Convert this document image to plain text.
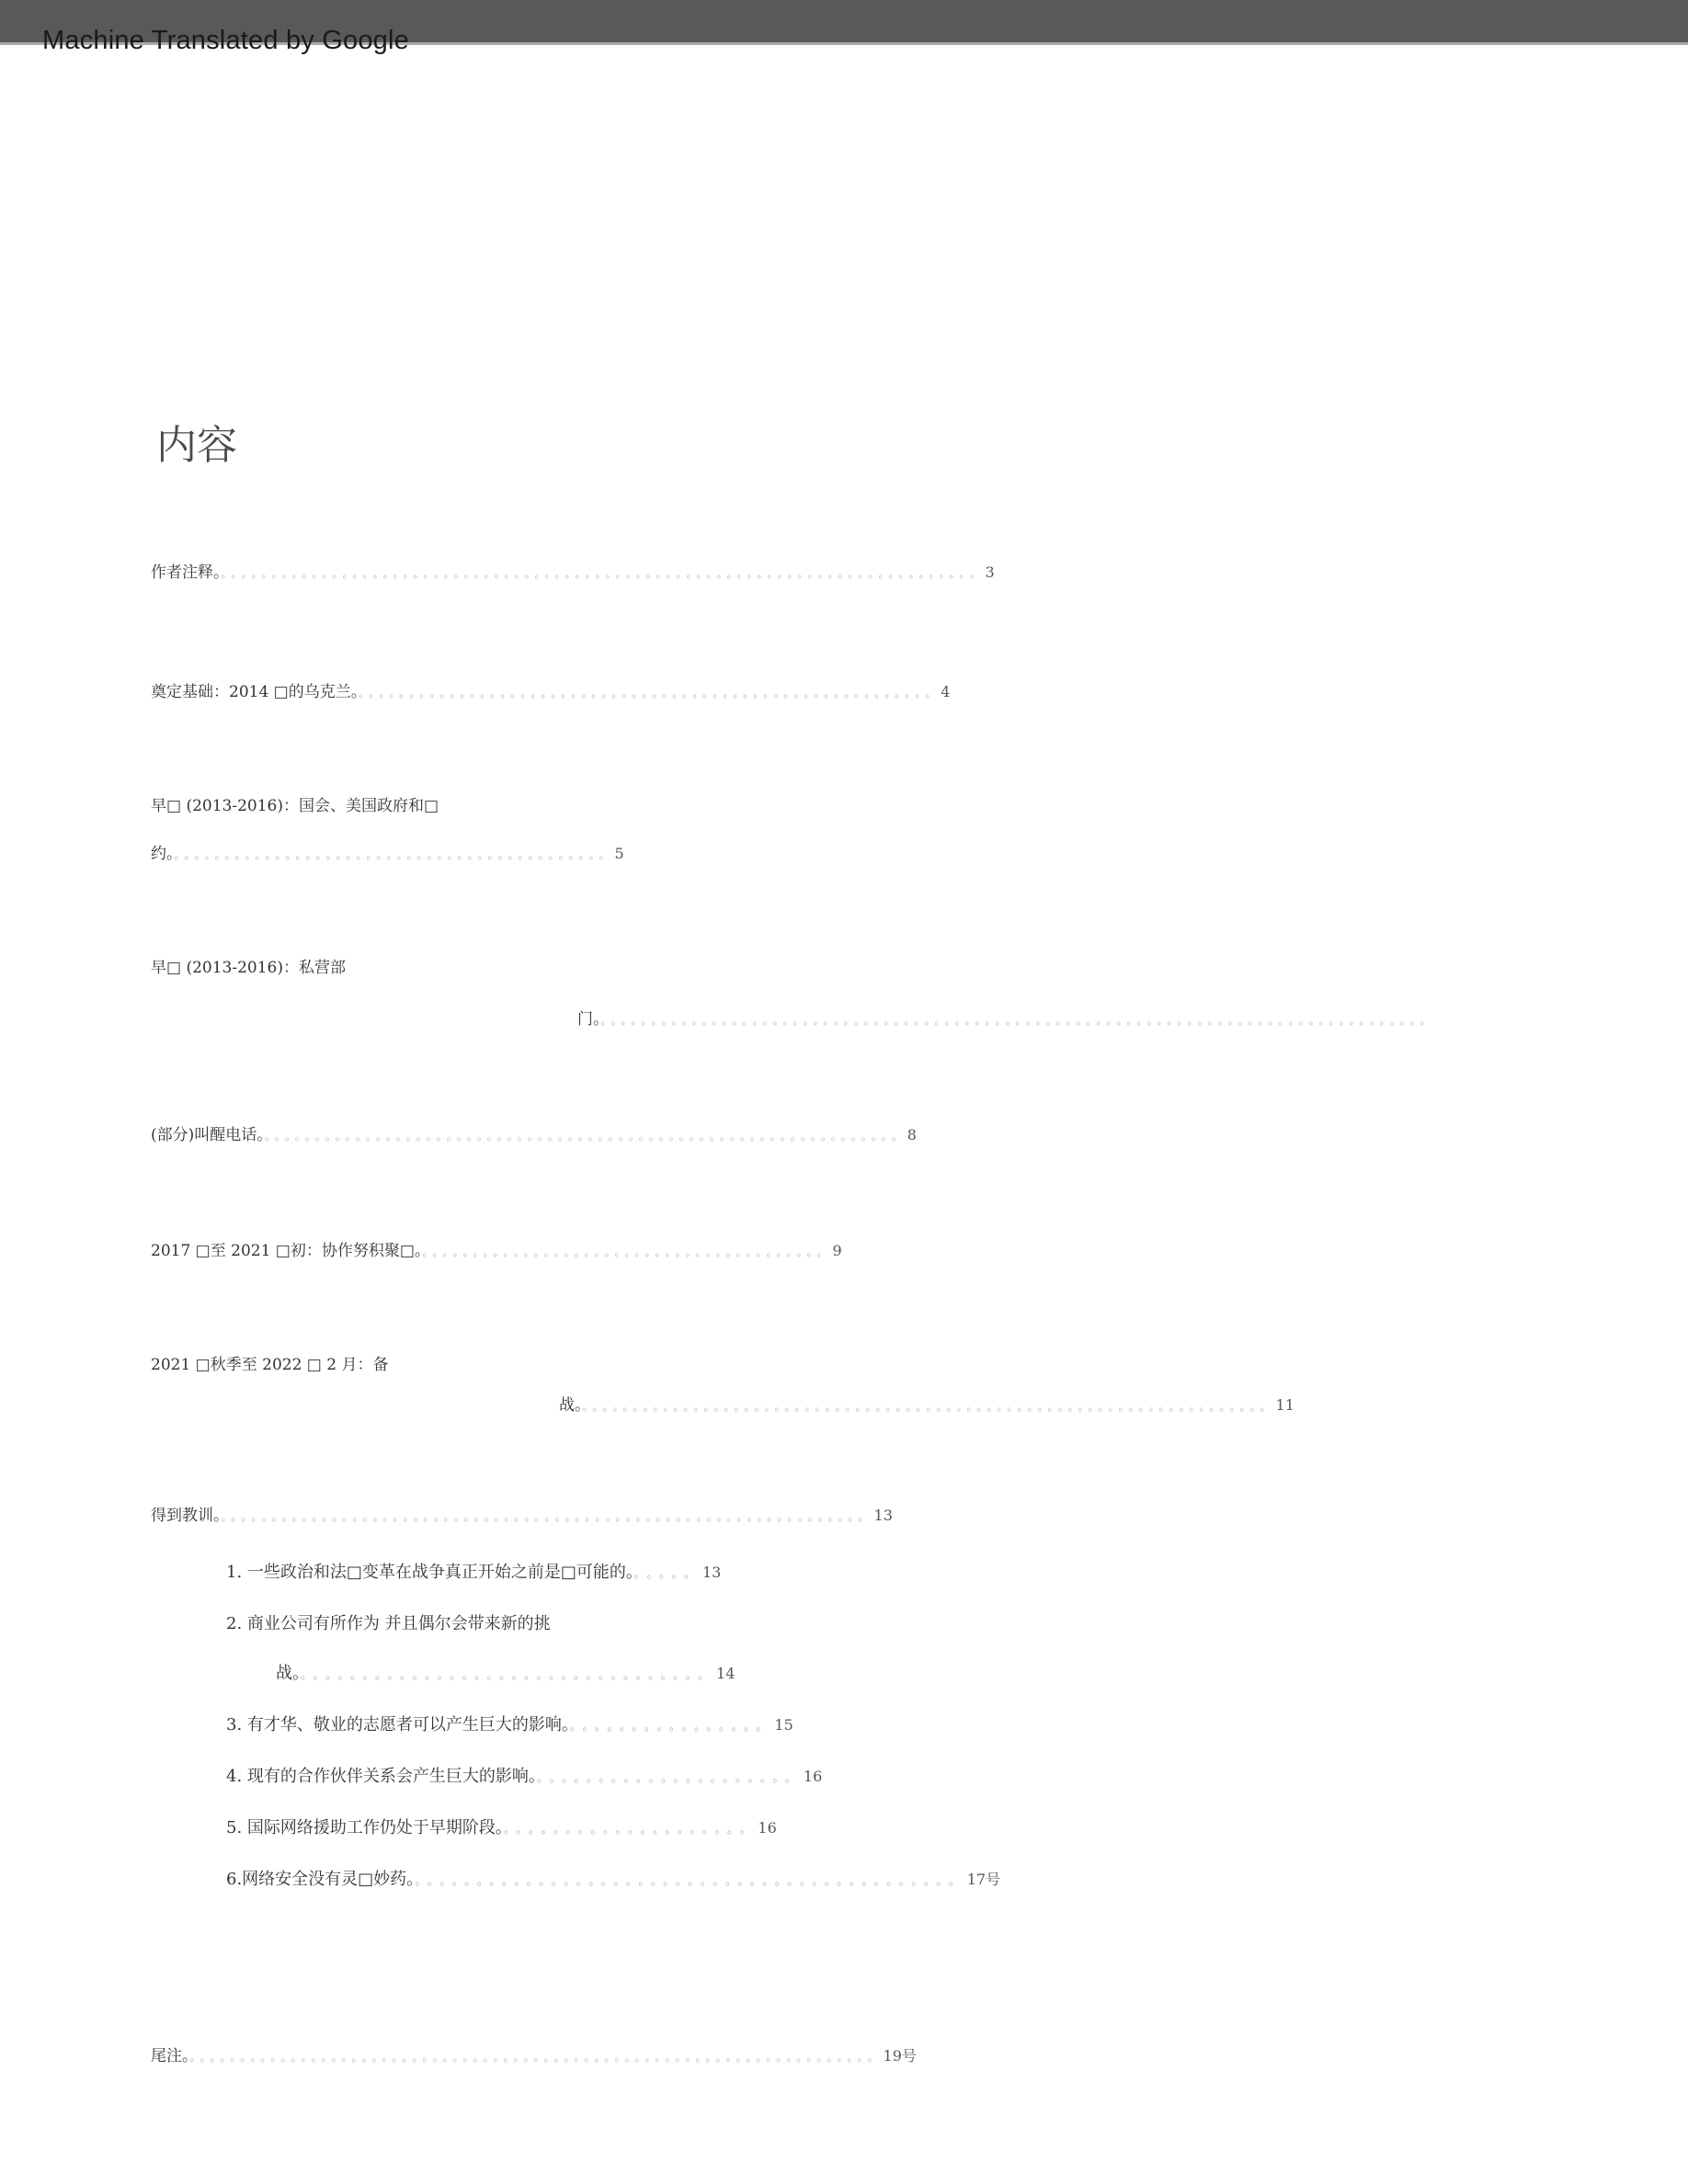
Machine Translated by Google
内容
作者注释。。。。。。。。。。。。。。。。。。。。。。。。。。。。。。。。。。。。。。。。。。。。。。。。。。。。。。。。。。。。。。。。。。。。。。。。。。。。3
奠定基础：2014 □的乌克兰。。。。。。。。。。。。。。。。。。。。。。。。。。。。。。。。。。。。。。。。。。。。。。。。。。。。。。。。。。4
早□ (2013-2016)：国会、美国政府和□
约。。。。。。。。。。。。。。。。。。。。。。。。。。。。。。。。。。。。。。。。。。。。5
早□ (2013-2016)：私营部
门。。。。。。。。。。。。。。。。。。。。。。。。。。。。。。。。。。。。。。。。。。。。。。。。。。。。。。。。。。。。。。。。。。。。。。。。。。。。。。。。。。。
(部分)叫醒电话。。。。。。。。。。。。。。。。。。。。。。。。。。。。。。。。。。。。。。。。。。。。。。。。。。。。。。。。。。。。。。。。8
2017 □至 2021 □初：协作努积聚□。。。。。。。。。。。。。。。。。。。。。。。。。。。。。。。。。。。。。。。。。9
2021 □秋季至 2022 □ 2 月：备
战。。。。。。。。。。。。。。。。。。。。。。。。。。。。。。。。。。。。。。。。。。。。。。。。。。。。。。。。。。。。。。。。。。。。。11
得到教训。。。。。。。。。。。。。。。。。。。。。。。。。。。。。。。。。。。。。。。。。。。。。。。。。。。。。。。。。。。。。。。。。13
1. 一些政治和法□变革在战争真正开始之前是□可能的。。。。。。13
2. 商业公司有所作为 并且偶尔会带来新的挑
战。。。。。。。。。。。。。。。。。。。。。。。。。。。。。。。。。。14
3. 有才华、敬业的志愿者可以产生巨大的影响。。。。。。。。。。。。。。。。。15
4. 现有的合作伙伴关系会产生巨大的影响。。。。。。。。。。。。。。。。。。。。。。16
5. 国际网络援助工作仍处于早期阶段。。。。。。。。。。。。。。。。。。。。。16
6.网络安全没有灵□妙药。。。。。。。。。。。。。。。。。。。。。。。。。。。。。。。。。。。。。。。。。。。。。17号
尾注。。。。。。。。。。。。。。。。。。。。。。。。。。。。。。。。。。。。。。。。。。。。。。。。。。。。。。。。。。。。。。。。。。。。。19号
